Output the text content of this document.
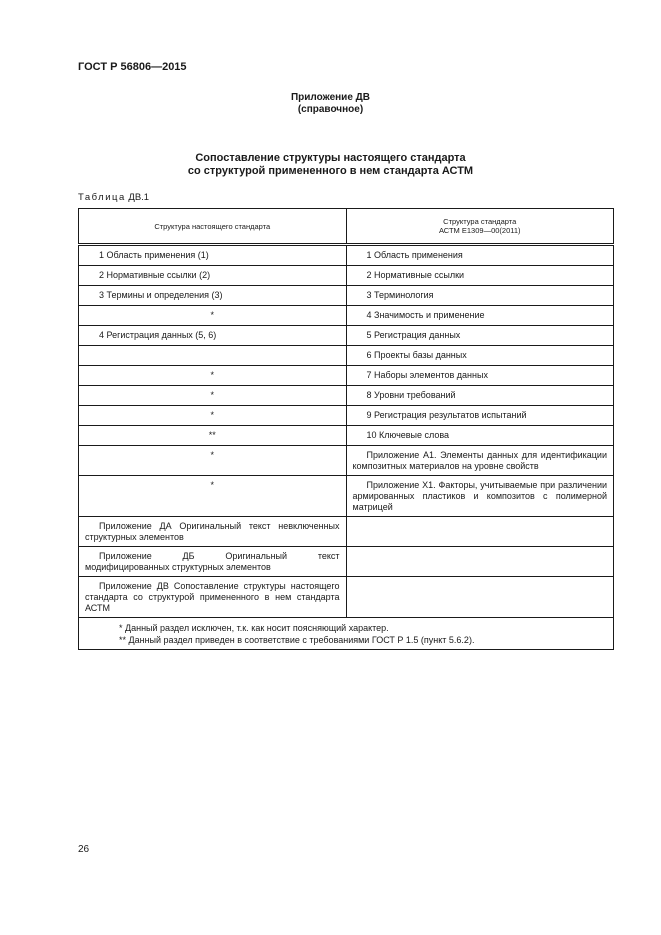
ГОСТ Р 56806—2015
Приложение ДВ
(справочное)
Сопоставление структуры настоящего стандарта
со структурой примененного в нем стандарта АСТМ
Таблица ДВ.1
Структура настоящего стандарта	Структура стандарта
АСТМ E1309—00(2011)

1 Область применения (1)	1 Область применения
2 Нормативные ссылки (2)	2 Нормативные ссылки
3 Термины и определения (3)	3 Терминология
*	4 Значимость и применение
4 Регистрация данных (5, 6)	5 Регистрация данных
	6 Проекты базы данных
*	7 Наборы элементов данных
*	8 Уровни требований
*	9 Регистрация результатов испытаний
**	10 Ключевые слова
*	Приложение А1. Элементы данных для идентификации композитных материалов на уровне свойств
*	Приложение Х1. Факторы, учитываемые при различении армированных пластиков и композитов с полимерной матрицей
Приложение ДА Оригинальный текст невключенных структурных элементов	
Приложение ДБ Оригинальный текст модифицированных структурных элементов	
Приложение ДВ Сопоставление структуры настоящего стандарта со структурой примененного в нем стандарта АСТМ	

* Данный раздел исключен, т.к. как носит поясняющий характер.
** Данный раздел приведен в соответствие с требованиями ГОСТ Р 1.5 (пункт 5.6.2).	
26
